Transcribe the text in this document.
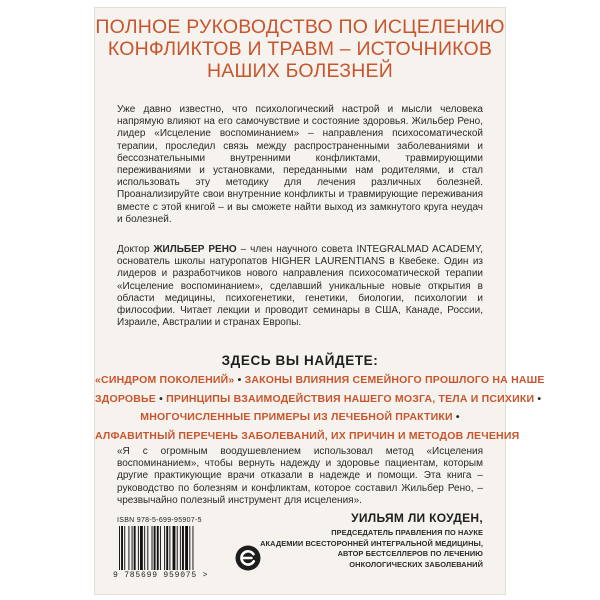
ПОЛНОЕ РУКОВОДСТВО ПО ИСЦЕЛЕНИЮ
КОНФЛИКТОВ И ТРАВМ – ИСТОЧНИКОВ
НАШИХ БОЛЕЗНЕЙ
Уже давно известно, что психологический настрой и мысли человека напрямую влияют на его самочувствие и состояние здоровья. Жильбер Рено, лидер «Исцеление воспоминанием» – направления психосоматической терапии, проследил связь между распространенными заболеваниями и бессознательными внутренними конфликтами, травмирующими переживаниями и установками, переданными нам родителями, и стал использовать эту методику для лечения различных болезней. Проанализируйте свои внутренние конфликты и травмирующие переживания вместе с этой книгой – и вы сможете найти выход из замкнутого круга неудач и болезней.
Доктор ЖИЛЬБЕР РЕНО – член научного совета INTEGRALMAD ACADEMY, основатель школы натуропатов HIGHER LAURENTIANS в Квебеке. Один из лидеров и разработчиков нового направления психосоматической терапии «Исцеление воспоминанием», сделавший уникальные новые открытия в области медицины, психогенетики, генетики, биологии, психологии и философии. Читает лекции и проводит семинары в США, Канаде, России, Израиле, Австралии и странах Европы.
ЗДЕСЬ ВЫ НАЙДЕТЕ:
«СИНДРОМ ПОКОЛЕНИЙ» • ЗАКОНЫ ВЛИЯНИЯ СЕМЕЙНОГО ПРОШЛОГО НА НАШЕ
ЗДОРОВЬЕ • ПРИНЦИПЫ ВЗАИМОДЕЙСТВИЯ НАШЕГО МОЗГА, ТЕЛА И ПСИХИКИ •
МНОГОЧИСЛЕННЫЕ ПРИМЕРЫ ИЗ ЛЕЧЕБНОЙ ПРАКТИКИ •
АЛФАВИТНЫЙ ПЕРЕЧЕНЬ ЗАБОЛЕВАНИЙ, ИХ ПРИЧИН И МЕТОДОВ ЛЕЧЕНИЯ
«Я с огромным воодушевлением использовал метод «Исцеления воспоминанием», чтобы вернуть надежду и здоровье пациентам, которым другие практикующие врачи отказали в надежде и помощи. Эта книга – руководство по болезням и конфликтам, которое составил Жильбер Рено, – чрезвычайно полезный инструмент для исцеления».
УИЛЬЯМ ЛИ КОУДЕН,
ПРЕДСЕДАТЕЛЬ ПРАВЛЕНИЯ ПО НАУКЕ
АКАДЕМИИ ВСЕСТОРОННЕЙ ИНТЕГРАЛЬНОЙ МЕДИЦИНЫ,
АВТОР БЕСТСЕЛЛЕРОВ ПО ЛЕЧЕНИЮ
ОНКОЛОГИЧЕСКИХ ЗАБОЛЕВАНИЙ
ISBN 978-5-699-95907-5
9 785699 959075 >
